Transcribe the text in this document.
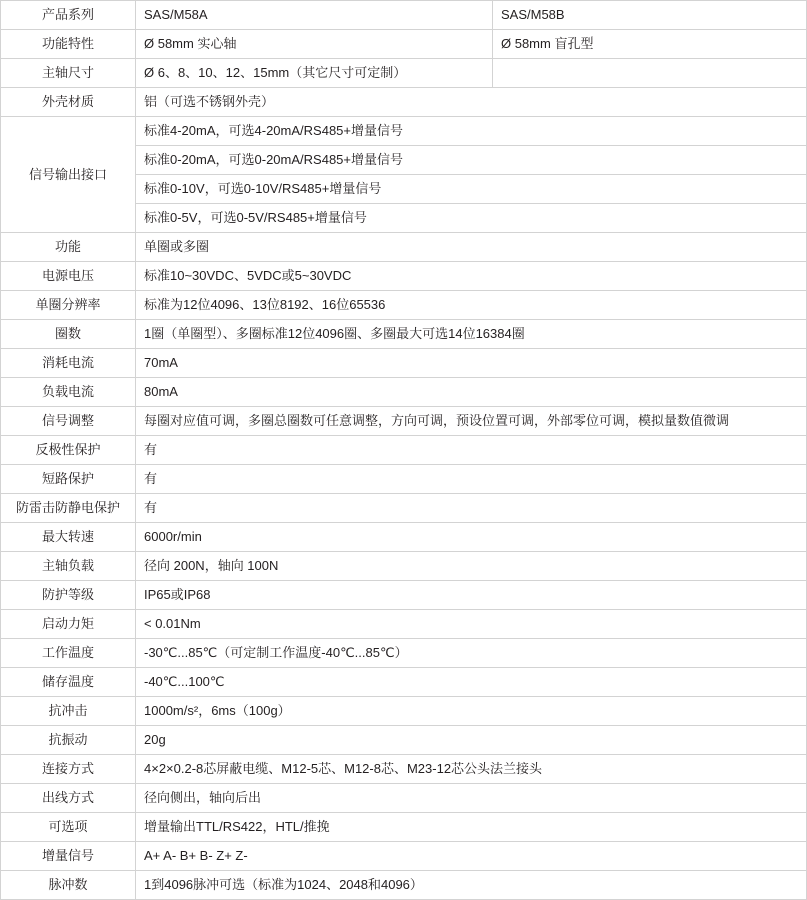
产品系列	SAS/M58A	SAS/M58B
功能特性	Ø 58mm 实心轴	Ø 58mm 盲孔型
主轴尺寸	Ø 6、8、10、12、15mm（其它尺寸可定制）	
外壳材质	铝（可选不锈钢外壳）	
信号输出接口	标准4-20mA，可选4-20mA/RS485+增量信号	
	标准0-20mA，可选0-20mA/RS485+增量信号	
	标准0-10V，可选0-10V/RS485+增量信号	
	标准0-5V，可选0-5V/RS485+增量信号	
功能	单圈或多圈	
电源电压	标准10~30VDC、5VDC或5~30VDC	
单圈分辨率	标准为12位4096、13位8192、16位65536	
圈数	1圈（单圈型）、多圈标准12位4096圈、多圈最大可选14位16384圈	
消耗电流	70mA	
负载电流	80mA	
信号调整	每圈对应值可调，多圈总圈数可任意调整，方向可调，预设位置可调，外部零位可调，模拟量数值微调	
反极性保护	有	
短路保护	有	
防雷击防静电保护	有	
最大转速	6000r/min	
主轴负载	径向 200N，轴向 100N	
防护等级	IP65或IP68	
启动力矩	< 0.01Nm	
工作温度	-30℃...85℃（可定制工作温度-40℃...85℃）	
储存温度	-40℃...100℃	
抗冲击	1000m/s²，6ms（100g）	
抗振动	20g	
连接方式	4×2×0.2-8芯屏蔽电缆、M12-5芯、M12-8芯、M23-12芯公头法兰接头	
出线方式	径向侧出，轴向后出	
可选项	增量输出TTL/RS422，HTL/推挽	
增量信号	A+ A- B+ B- Z+ Z-	
脉冲数	1到4096脉冲可选（标准为1024、2048和4096）	
